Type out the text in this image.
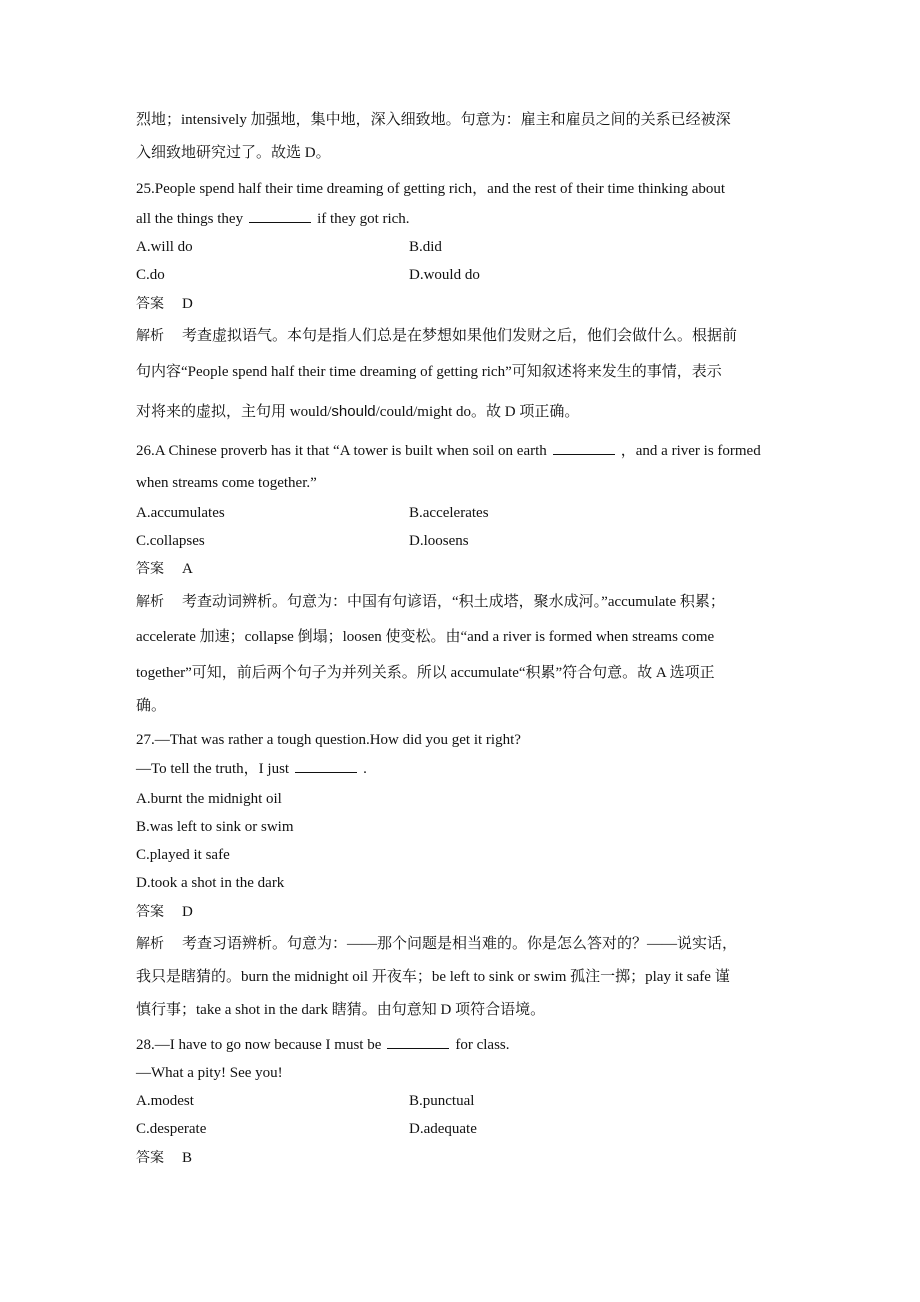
烈地；intensively 加强地，集中地，深入细致地。句意为：雇主和雇员之间的关系已经被深
入细致地研究过了。故选 D。
25.People spend half their time dreaming of getting rich，and the rest of their time thinking about
all the things they	if they got rich.
A.will do	B.did
C.do	D.would do
答案 D
解析 考查虚拟语气。本句是指人们总是在梦想如果他们发财之后，他们会做什么。根据前
句内容“People spend half their time dreaming of getting rich”可知叙述将来发生的事情，表示
对将来的虚拟，主句用 would/should/could/might do。故 D 项正确。
26.A Chinese proverb has it that “A tower is built when soil on earth	，and a river is formed
when streams come together.”
A.accumulates	B.accelerates
C.collapses	D.loosens
答案 A
解析 考查动词辨析。句意为：中国有句谚语，“积土成塔，聚水成河。”accumulate 积累；
accelerate 加速；collapse 倒塌；loosen 使变松。由“and a river is formed when streams come
together”可知，前后两个句子为并列关系。所以 accumulate“积累”符合句意。故 A 选项正
确。
27.—That was rather a tough question.How did you get it right?
—To tell the truth，I just	.
A.burnt the midnight oil
B.was left to sink or swim
C.played it safe
D.took a shot in the dark
答案 D
解析 考查习语辨析。句意为：——那个问题是相当难的。你是怎么答对的？——说实话，
我只是瞎猜的。burn the midnight oil 开夜车；be left to sink or swim 孤注一掷；play it safe 谨
慎行事；take a shot in the dark 瞎猜。由句意知 D 项符合语境。
28.—I have to go now because I must be	for class.
—What a pity! See you!
A.modest	B.punctual
C.desperate	D.adequate
答案 B
